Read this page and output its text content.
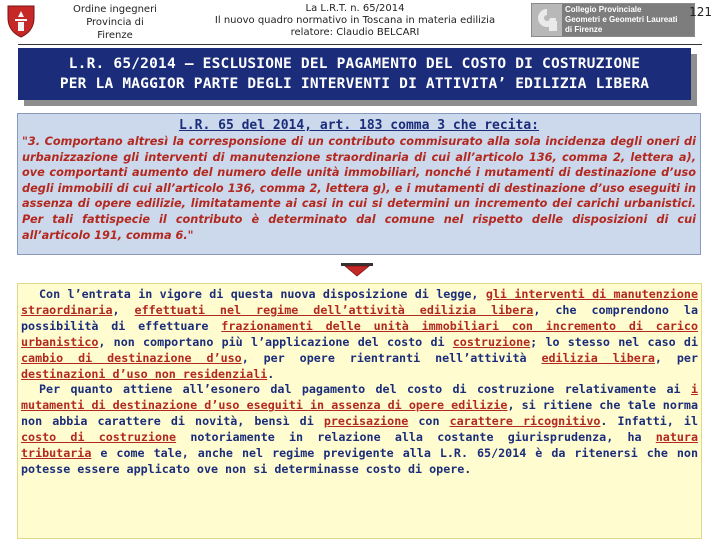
Ordine ingegneri
Provincia di
Firenze
La L.R.T. n. 65/2014
Il nuovo quadro normativo in Toscana in materia edilizia
relatore: Claudio BELCARI
Collegio Provinciale
Geometri e Geometri Laureati
di Firenze
121
L.R. 65/2014 – ESCLUSIONE DEL PAGAMENTO DEL COSTO DI COSTRUZIONE
PER LA MAGGIOR PARTE DEGLI INTERVENTI DI ATTIVITA’ EDILIZIA LIBERA
L.R. 65 del 2014, art. 183 comma 3 che recita:
"3. Comportano altresì la corresponsione di un contributo commisurato alla sola incidenza degli oneri di urbanizzazione gli interventi di manutenzione straordinaria di cui all’articolo 136, comma 2, lettera a), ove comportanti aumento del numero delle unità immobiliari, nonché i mutamenti di destinazione d’uso degli immobili di cui all’articolo 136, comma 2, lettera g), e i mutamenti di destinazione d’uso eseguiti in assenza di opere edilizie, limitatamente ai casi in cui si determini un incremento dei carichi urbanistici. Per tali fattispecie il contributo è determinato dal comune nel rispetto delle disposizioni di cui all’articolo 191, comma 6."

Con l’entrata in vigore di questa nuova disposizione di legge, gli interventi di manutenzione straordinaria, effettuati nel regime dell’attività edilizia libera, che comprendono la possibilità di effettuare frazionamenti delle unità immobiliari con incremento di carico urbanistico, non comportano più l’applicazione del costo di costruzione; lo stesso nel caso di cambio di destinazione d’uso, per opere rientranti nell’attività edilizia libera, per destinazioni d’uso non residenziali.

Per quanto attiene all’esonero dal pagamento del costo di costruzione relativamente ai i mutamenti di destinazione d’uso eseguiti in assenza di opere edilizie, si ritiene che tale norma non abbia carattere di novità, bensì di precisazione con carattere ricognitivo. Infatti, il costo di costruzione notoriamente in relazione alla costante giurisprudenza, ha natura tributaria e come tale, anche nel regime previgente alla L.R. 65/2014 è da ritenersi che non potesse essere applicato ove non si determinasse costo di opere.
